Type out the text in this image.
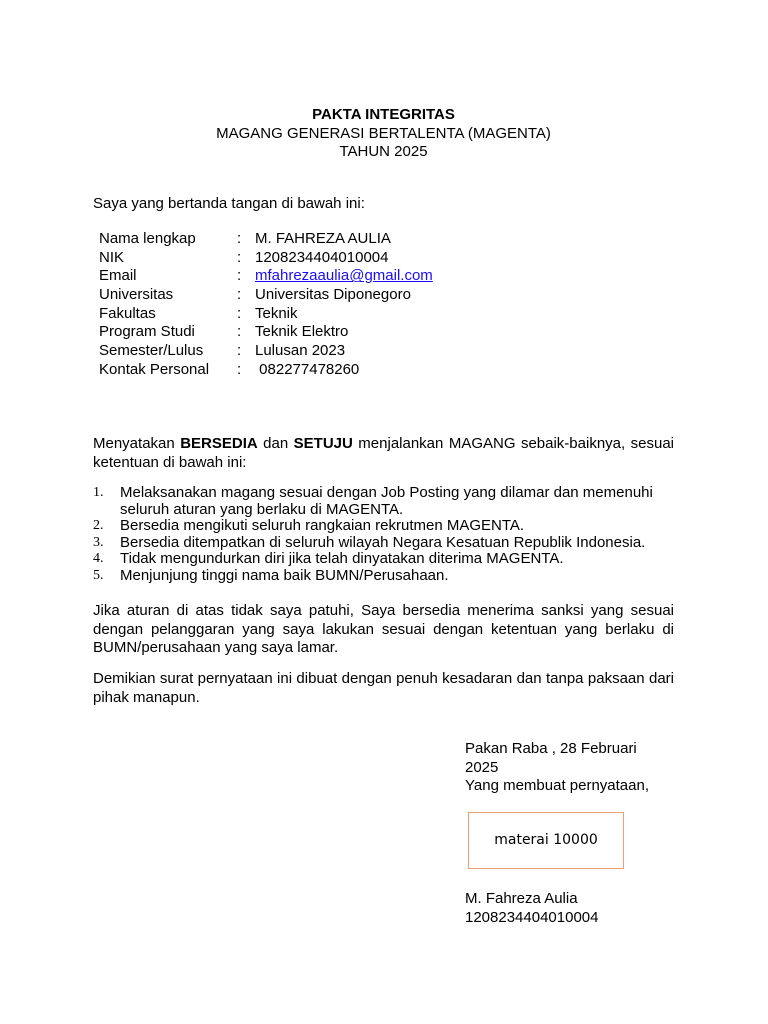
PAKTA INTEGRITAS
MAGANG GENERASI BERTALENTA (MAGENTA)
TAHUN 2025
Saya yang bertanda tangan di bawah ini:
Nama lengkap	:	M. FAHREZA AULIA
NIK	:	1208234404010004
Email	:	mfahrezaaulia@gmail.com
Universitas	:	Universitas Diponegoro
Fakultas	:	Teknik
Program Studi	:	Teknik Elektro
Semester/Lulus	:	Lulusan 2023
Kontak Personal	:	082277478260
Menyatakan BERSEDIA dan SETUJU menjalankan MAGANG sebaik-baiknya, sesuai ketentuan di bawah ini:
1. Melaksanakan magang sesuai dengan Job Posting yang dilamar dan memenuhi seluruh aturan yang berlaku di MAGENTA.
2. Bersedia mengikuti seluruh rangkaian rekrutmen MAGENTA.
3. Bersedia ditempatkan di seluruh wilayah Negara Kesatuan Republik Indonesia.
4. Tidak mengundurkan diri jika telah dinyatakan diterima MAGENTA.
5. Menjunjung tinggi nama baik BUMN/Perusahaan.
Jika aturan di atas tidak saya patuhi, Saya bersedia menerima sanksi yang sesuai dengan pelanggaran yang saya lakukan sesuai dengan ketentuan yang berlaku di BUMN/perusahaan yang saya lamar.
Demikian surat pernyataan ini dibuat dengan penuh kesadaran dan tanpa paksaan dari pihak manapun.
Pakan Raba , 28 Februari
2025
Yang membuat pernyataan,
materai 10000
M. Fahreza Aulia
1208234404010004
